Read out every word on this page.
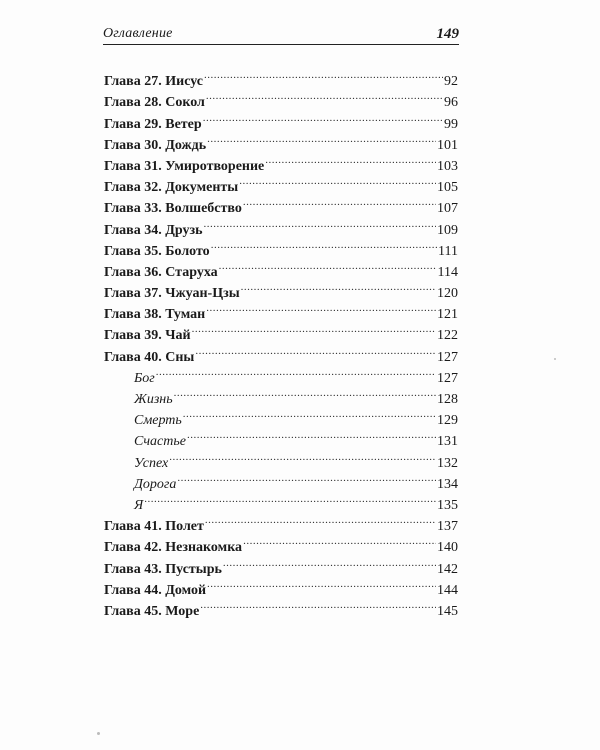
Оглавление	149
Глава 27. Иисус .....	92
Глава 28. Сокол .....	96
Глава 29. Ветер .....	99
Глава 30. Дождь .....	101
Глава 31. Умиротворение .....	103
Глава 32. Документы .....	105
Глава 33. Волшебство .....	107
Глава 34. Друзь .....	109
Глава 35. Болото .....	111
Глава 36. Старуха .....	114
Глава 37. Чжуан-Цзы .....	120
Глава 38. Туман .....	121
Глава 39. Чай .....	122
Глава 40. Сны .....	127
Бог .....	127
Жизнь .....	128
Смерть .....	129
Счастье .....	131
Успех .....	132
Дорога .....	134
Я .....	135
Глава 41. Полет .....	137
Глава 42. Незнакомка .....	140
Глава 43. Пустырь .....	142
Глава 44. Домой .....	144
Глава 45. Море .....	145
